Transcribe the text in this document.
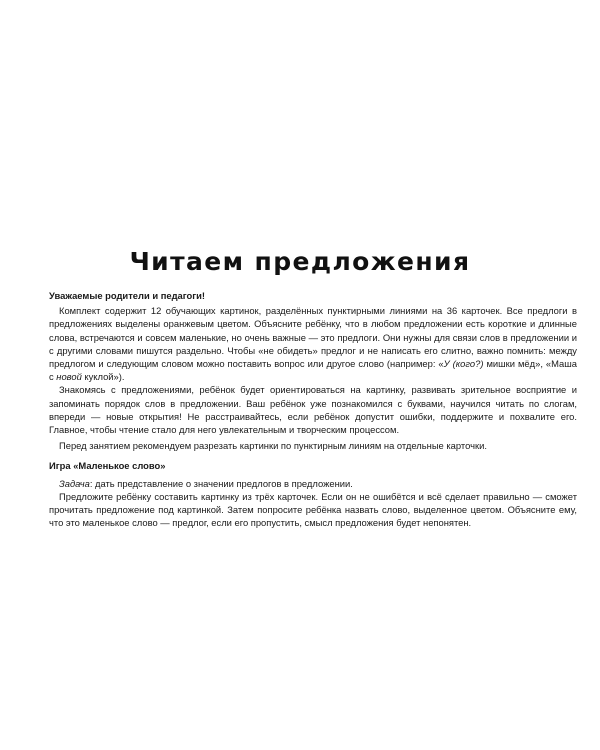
Читаем предложения

Уважаемые родители и педагоги!

Комплект содержит 12 обучающих картинок, разделённых пунктирными линиями на 36 карточек. Все предлоги в предложениях выделены оранжевым цветом. Объясните ребёнку, что в любом предложении есть короткие и длинные слова, встречаются и совсем маленькие, но очень важные — это предлоги. Они нужны для связи слов в предложении и с другими словами пишутся раздельно. Чтобы «не обидеть» предлог и не написать его слитно, важно помнить: между предлогом и следующим словом можно поставить вопрос или другое слово (например: «У (кого?) мишки мёд», «Маша с новой куклой»).

Знакомясь с предложениями, ребёнок будет ориентироваться на картинку, развивать зрительное восприятие и запоминать порядок слов в предложении. Ваш ребёнок уже познакомился с буквами, научился читать по слогам, впереди — новые открытия! Не расстраивайтесь, если ребёнок допустит ошибки, поддержите и похвалите его. Главное, чтобы чтение стало для него увлекательным и творческим процессом.

Перед занятием рекомендуем разрезать картинки по пунктирным линиям на отдельные карточки.

Игра «Маленькое слово»

Задача: дать представление о значении предлогов в предложении.

Предложите ребёнку составить картинку из трёх карточек. Если он не ошибётся и всё сделает правильно — сможет прочитать предложение под картинкой. Затем попросите ребёнка назвать слово, выделенное цветом. Объясните ему, что это маленькое слово — предлог, если его пропустить, смысл предложения будет непонятен.
